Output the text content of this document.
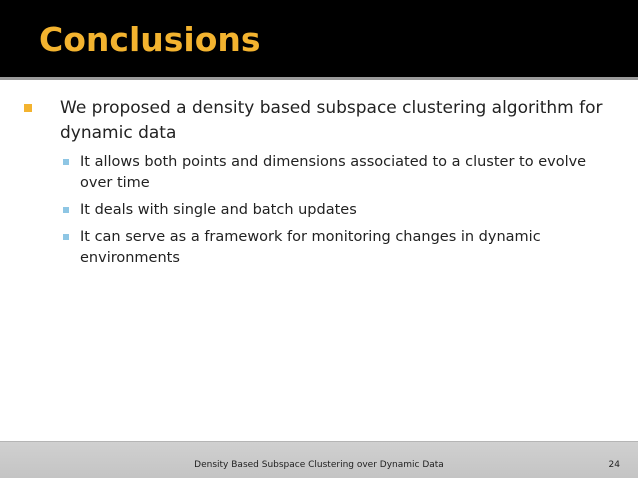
Conclusions
We proposed a density based subspace clustering algorithm for dynamic data
It allows both points and dimensions associated to a cluster to evolve over time
It deals with single and batch updates
It can serve as a framework for monitoring changes in dynamic environments
Density Based Subspace Clustering over Dynamic Data	24
